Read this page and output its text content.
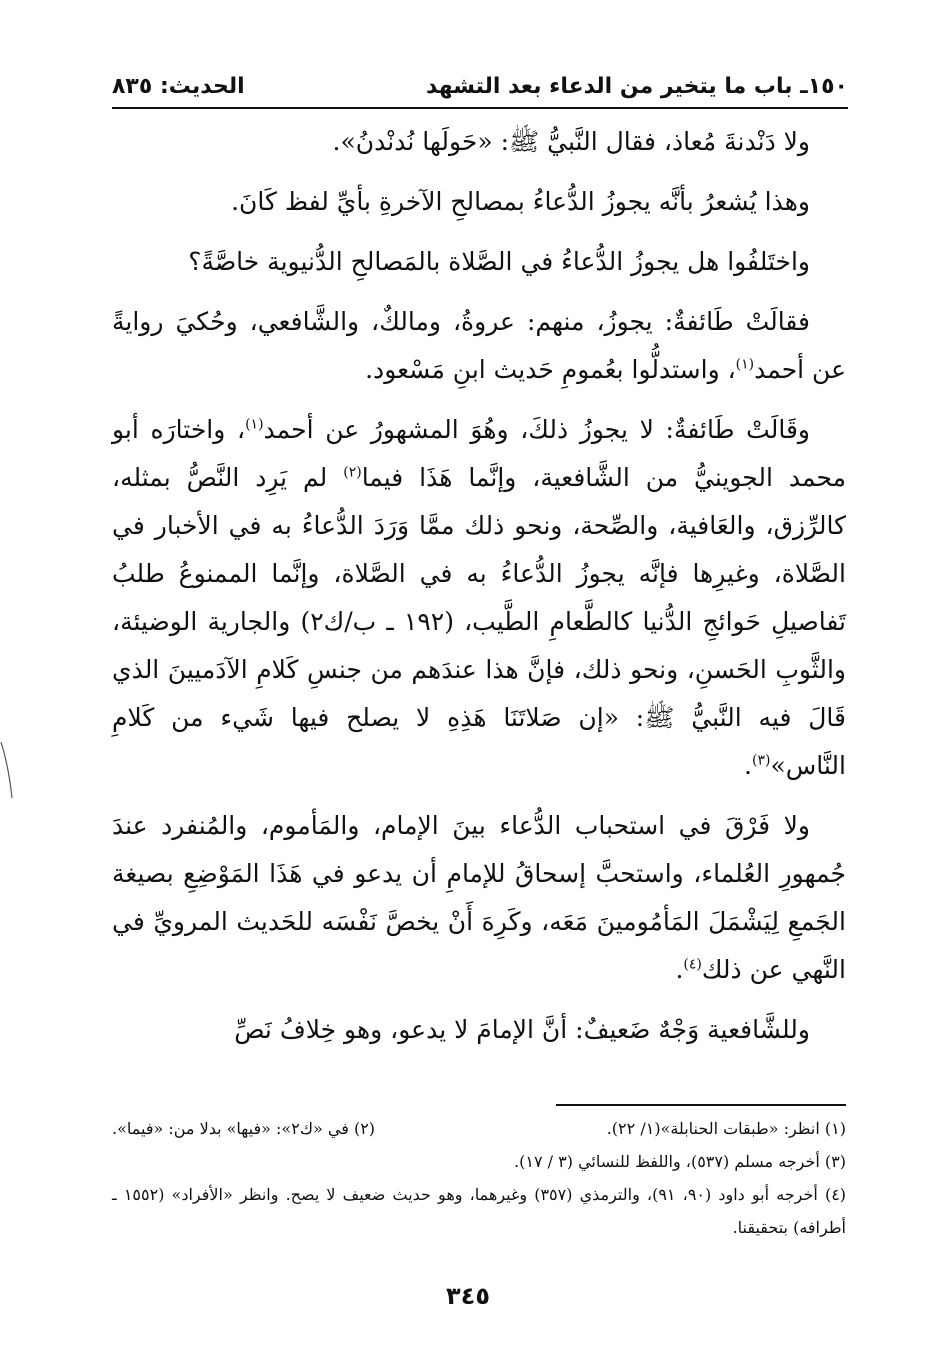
١٥٠ـ باب ما يتخير من الدعاء بعد التشهد
الحديث: ٨٣٥

ولا دَنْدنةَ مُعاذ، فقال النَّبيُّ ﷺ: «حَولَها نُدنْدنُ».

وهذا يُشعرُ بأنَّه يجوزُ الدُّعاءُ بمصالحِ الآخرةِ بأيِّ لفظ كَانَ.

واختَلفُوا هل يجوزُ الدُّعاءُ في الصَّلاة بالمَصالحِ الدُّنيوية خاصَّةً؟

فقالَتْ طَائفةٌ: يجوزُ، منهم: عروةُ، ومالكٌ، والشَّافعي، وحُكيَ روايةً عن أحمد$^{(١)}$، واستدلُّوا بعُمومِ حَديث ابنِ مَسْعود.

وقَالَتْ طَائفةٌ: لا يجوزُ ذلكَ، وهُوَ المشهورُ عن أحمد$^{(١)}$، واختارَه أبو محمد الجوينيُّ من الشَّافعية، وإنَّما هَذَا فيما$^{(٢)}$ لم يَرِد النَّصُّ بمثله، كالرِّزق، والعَافية، والصِّحة، ونحو ذلك ممَّا وَرَدَ الدُّعاءُ به في الأخبار في الصَّلاة، وغيرِها فإنَّه يجوزُ الدُّعاءُ به في الصَّلاة، وإنَّما الممنوعُ طلبُ تَفاصيلِ حَوائجِ الدُّنيا كالطَّعامِ الطَّيب، (١٩٢ ـ ب/ك٢) والجارية الوضيئة، والثَّوبِ الحَسنِ، ونحو ذلك، فإنَّ هذا عندَهم من جنسِ كَلامِ الآدَميينَ الذي قَالَ فيه النَّبيُّ ﷺ: «إن صَلاتَنَا هَذِهِ لا يصلح فيها شَيء من كَلامِ النَّاس»$^{(٣)}$.

ولا فَرْقَ في استحباب الدُّعاء بينَ الإمام، والمَأموم، والمُنفرد عندَ جُمهورِ العُلماء، واستحبَّ إسحاقُ للإمامِ أن يدعو في هَذَا المَوْضِعِ بصيغة الجَمعِ لِيَشْمَلَ المَأمُومينَ مَعَه، وكَرِهَ أَنْ يخصَّ نَفْسَه للحَديث المرويِّ في النَّهي عن ذلك$^{(٤)}$.

وللشَّافعية وَجْهٌ ضَعيفٌ: أنَّ الإمامَ لا يدعو، وهو خِلافُ نَصِّ

(١) انظر: «طبقات الحنابلة»(١/ ٢٢).

(٢) في «ك٢»: «فيها» بدلا من: «فيما».

(٣) أخرجه مسلم (٥٣٧)، واللفظ للنسائي (٣ / ١٧).

(٤) أخرجه أبو داود (٩٠، ٩١)، والترمذي (٣٥٧) وغيرهما، وهو حديث ضعيف لا يصح. وانظر «الأفراد» (١٥٥٢ ـ أطرافه) بتحقيقنا.

٣٤٥
